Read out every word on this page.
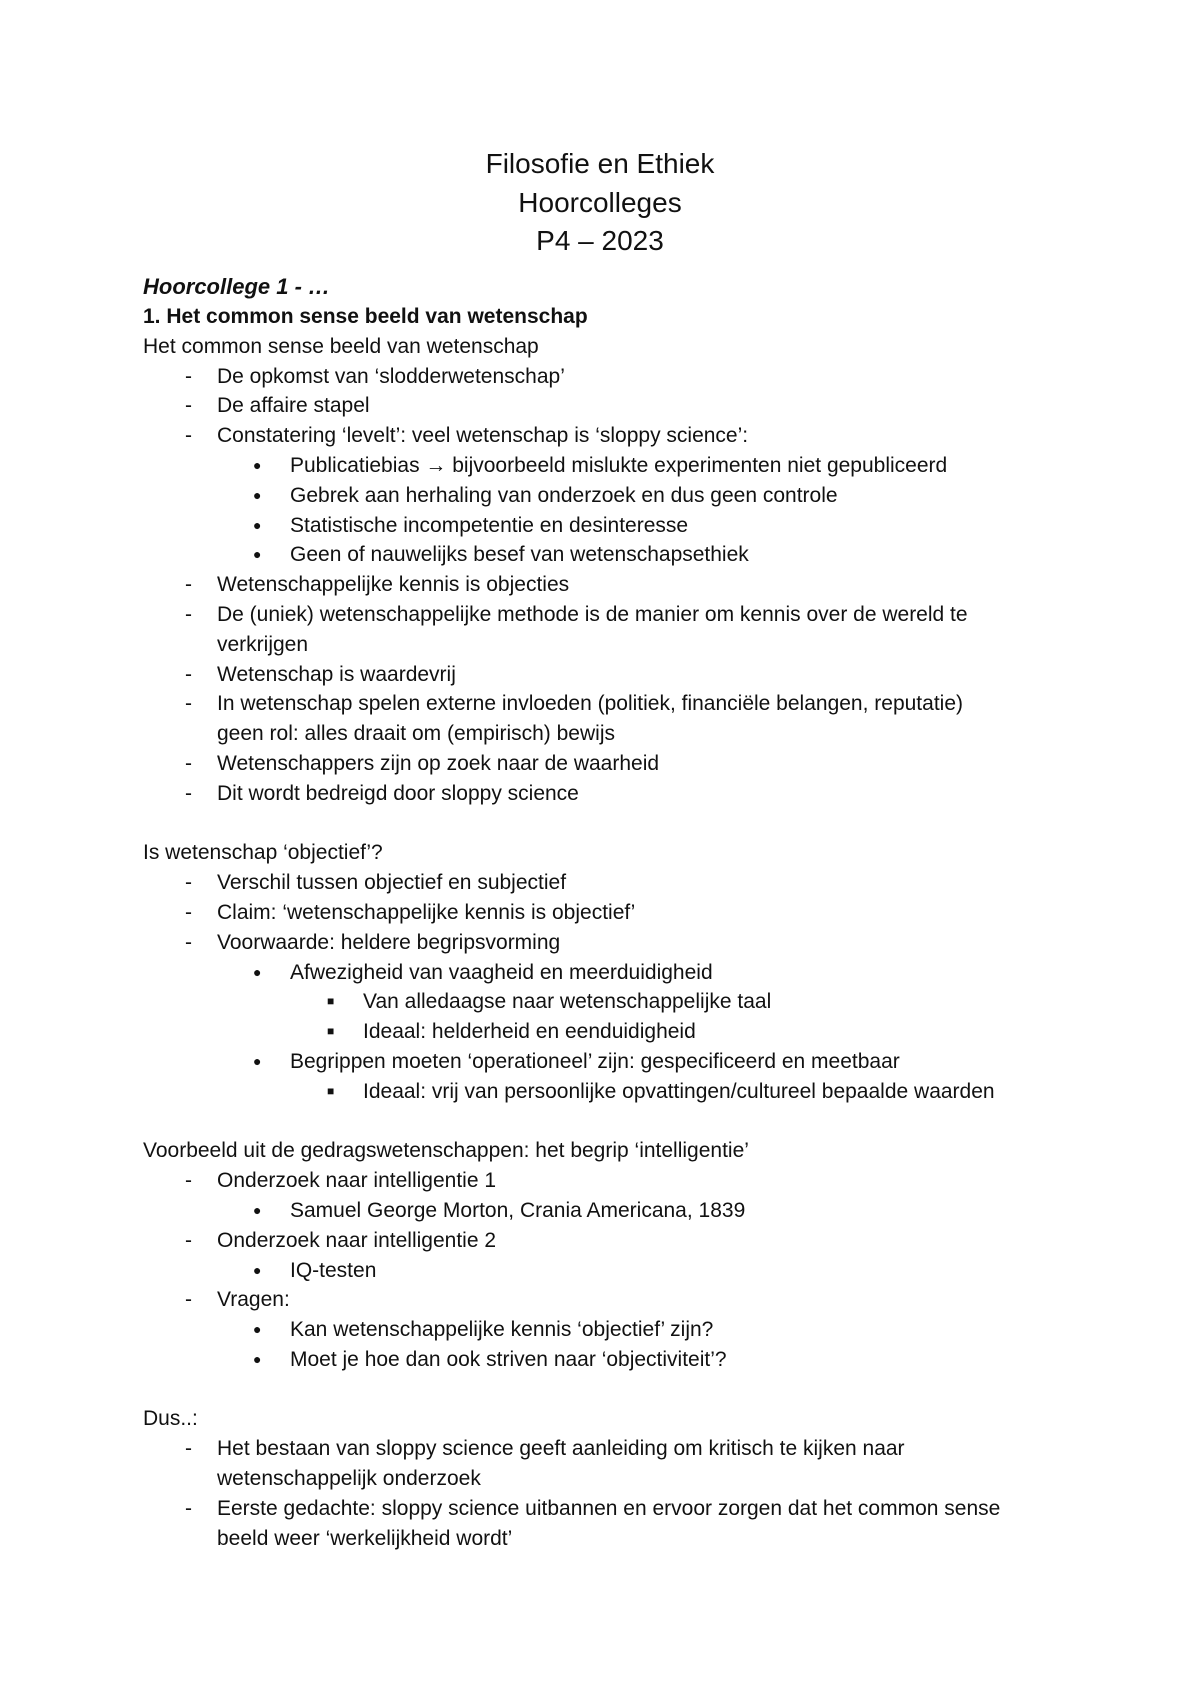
Filosofie en Ethiek
Hoorcolleges
P4 – 2023
Hoorcollege 1 - …
1. Het common sense beeld van wetenschap
Het common sense beeld van wetenschap
- De opkomst van ‘slodderwetenschap’
- De affaire stapel
- Constatering ‘levelt’: veel wetenschap is ‘sloppy science’:
● Publicatiebias → bijvoorbeeld mislukte experimenten niet gepubliceerd
● Gebrek aan herhaling van onderzoek en dus geen controle
● Statistische incompetentie en desinteresse
● Geen of nauwelijks besef van wetenschapsethiek
- Wetenschappelijke kennis is objecties
- De (uniek) wetenschappelijke methode is de manier om kennis over de wereld te
verkrijgen
- Wetenschap is waardevrij
- In wetenschap spelen externe invloeden (politiek, financiële belangen, reputatie)
geen rol: alles draait om (empirisch) bewijs
- Wetenschappers zijn op zoek naar de waarheid
- Dit wordt bedreigd door sloppy science
Is wetenschap ‘objectief’?
- Verschil tussen objectief en subjectief
- Claim: ‘wetenschappelijke kennis is objectief’
- Voorwaarde: heldere begripsvorming
● Afwezigheid van vaagheid en meerduidigheid
■ Van alledaagse naar wetenschappelijke taal
■ Ideaal: helderheid en eenduidigheid
● Begrippen moeten ‘operationeel’ zijn: gespecificeerd en meetbaar
■ Ideaal: vrij van persoonlijke opvattingen/cultureel bepaalde waarden
Voorbeeld uit de gedragswetenschappen: het begrip ‘intelligentie’
- Onderzoek naar intelligentie 1
● Samuel George Morton, Crania Americana, 1839
- Onderzoek naar intelligentie 2
● IQ-testen
- Vragen:
● Kan wetenschappelijke kennis ‘objectief’ zijn?
● Moet je hoe dan ook striven naar ‘objectiviteit’?
Dus..:
- Het bestaan van sloppy science geeft aanleiding om kritisch te kijken naar
wetenschappelijk onderzoek
- Eerste gedachte: sloppy science uitbannen en ervoor zorgen dat het common sense
beeld weer ‘werkelijkheid wordt’
